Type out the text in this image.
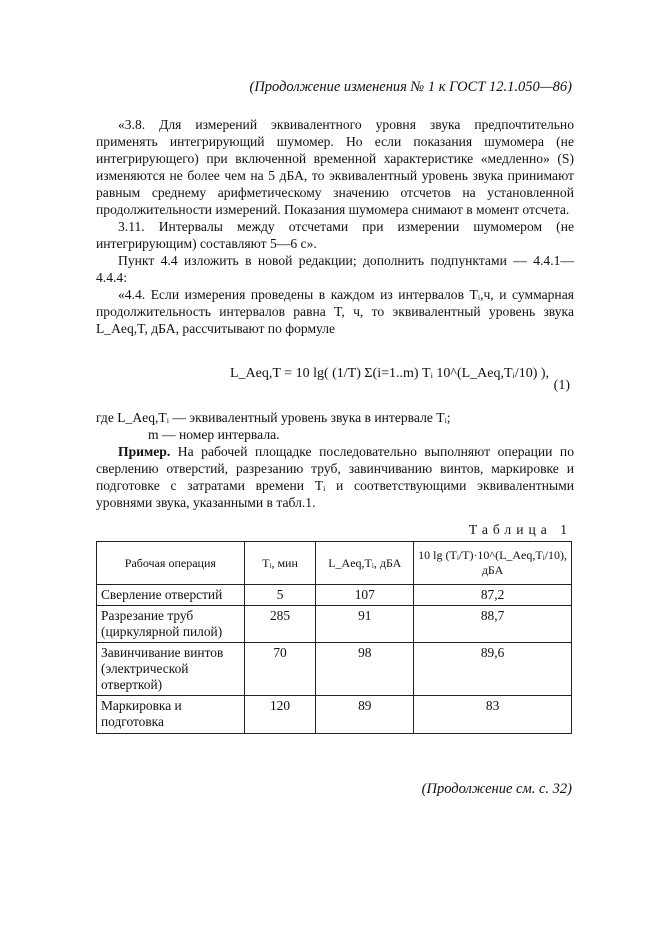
(Продолжение изменения № 1 к ГОСТ 12.1.050—86)

«3.8. Для измерений эквивалентного уровня звука предпочтительно применять интегрирующий шумомер. Но если показания шумомера (не интегрирующего) при включенной временной характеристике «медленно» (S) изменяются не более чем на 5 дБА, то эквивалентный уровень звука принимают равным среднему арифметическому значению отсчетов на установленной продолжительности измерений. Показания шумомера снимают в момент отсчета.

3.11. Интервалы между отсчетами при измерении шумомером (не интегрирующим) составляют 5—6 с».

Пункт 4.4 изложить в новой редакции; дополнить подпунктами — 4.4.1—4.4.4:

«4.4. Если измерения проведены в каждом из интервалов Tᵢ,ч, и суммарная продолжительность интервалов равна T, ч, то эквивалентный уровень звука L_Aeq,T, дБА, рассчитывают по формуле

L_Aeq,T = 10 lg( (1/T) Σ(i=1..m) Tᵢ 10^(L_Aeq,Tᵢ/10) ),
(1)
где L_Aeq,Tᵢ — эквивалентный уровень звука в интервале Tᵢ;
m — номер интервала.

Пример. На рабочей площадке последовательно выполняют операции по сверлению отверстий, разрезанию труб, завинчиванию винтов, маркировке и подготовке с затратами времени Tᵢ и соответствующими эквивалентными уровнями звука, указанными в табл.1.

Таблица 1
Рабочая операция	Tᵢ, мин	L_Aeq,Tᵢ, дБА	10 lg (Tᵢ/T)·10^(L_Aeq,Tᵢ/10), дБА
Сверление отверстий	5	107	87,2
Разрезание труб (циркулярной пилой)	285	91	88,7
Завинчивание винтов (электрической отверткой)	70	98	89,6
Маркировка и подготовка	120	89	83
(Продолжение см. с. 32)
